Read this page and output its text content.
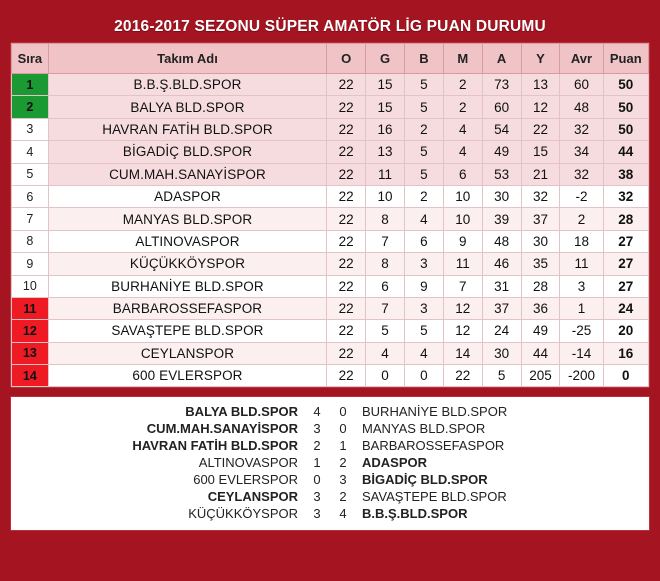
2016-2017 SEZONU SÜPER AMATÖR LİG PUAN DURUMU
Sıra	Takım Adı	O	G	B	M	A	Y	Avr	Puan
1	B.B.Ş.BLD.SPOR	22	15	5	2	73	13	60	50
2	BALYA BLD.SPOR	22	15	5	2	60	12	48	50
3	HAVRAN FATİH BLD.SPOR	22	16	2	4	54	22	32	50
4	BİGADİÇ BLD.SPOR	22	13	5	4	49	15	34	44
5	CUM.MAH.SANAYİSPOR	22	11	5	6	53	21	32	38
6	ADASPOR	22	10	2	10	30	32	-2	32
7	MANYAS BLD.SPOR	22	8	4	10	39	37	2	28
8	ALTINOVASPOR	22	7	6	9	48	30	18	27
9	KÜÇÜKKÖYSPOR	22	8	3	11	46	35	11	27
10	BURHANİYE BLD.SPOR	22	6	9	7	31	28	3	27
11	BARBAROSSEFASPOR	22	7	3	12	37	36	1	24
12	SAVAŞTEPE BLD.SPOR	22	5	5	12	24	49	-25	20
13	CEYLANSPOR	22	4	4	14	30	44	-14	16
14	600 EVLERSPOR	22	0	0	22	5	205	-200	0
BALYA BLD.SPOR	4	0	BURHANİYE BLD.SPOR
CUM.MAH.SANAYİSPOR	3	0	MANYAS BLD.SPOR
HAVRAN FATİH BLD.SPOR	2	1	BARBAROSSEFASPOR
ALTINOVASPOR	1	2	ADASPOR
600 EVLERSPOR	0	3	BİGADİÇ BLD.SPOR
CEYLANSPOR	3	2	SAVAŞTEPE BLD.SPOR
KÜÇÜKKÖYSPOR	3	4	B.B.Ş.BLD.SPOR
